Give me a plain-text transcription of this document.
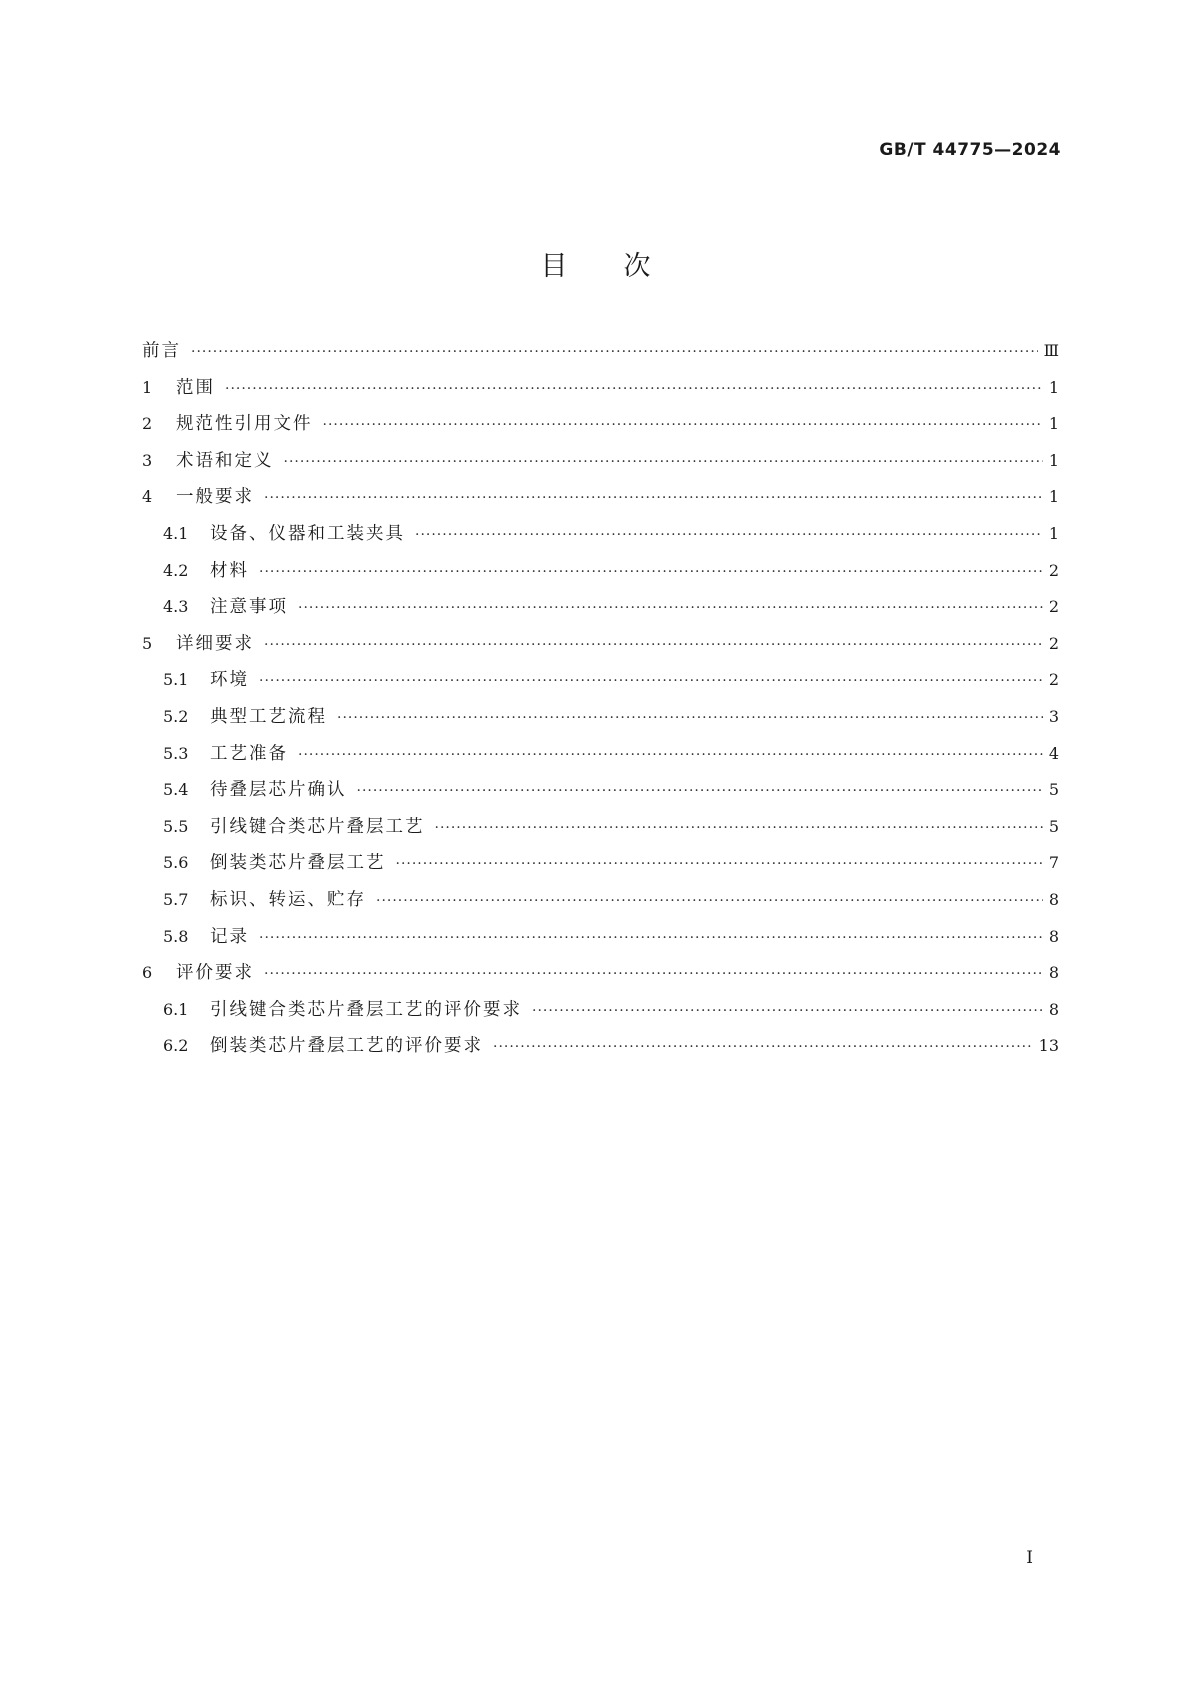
GB/T 44775—2024
目次
前言 ·····	Ⅲ
1	范围 ·····	1
2	规范性引用文件 ·····	1
3	术语和定义 ·····	1
4	一般要求 ·····	1
4.1	设备、仪器和工装夹具 ·····	1
4.2	材料 ·····	2
4.3	注意事项 ·····	2
5	详细要求 ·····	2
5.1	环境 ·····	2
5.2	典型工艺流程 ·····	3
5.3	工艺准备 ·····	4
5.4	待叠层芯片确认 ·····	5
5.5	引线键合类芯片叠层工艺 ·····	5
5.6	倒装类芯片叠层工艺 ·····	7
5.7	标识、转运、贮存 ·····	8
5.8	记录 ·····	8
6	评价要求 ·····	8
6.1	引线键合类芯片叠层工艺的评价要求 ·····	8
6.2	倒装类芯片叠层工艺的评价要求 ·····	13
I
